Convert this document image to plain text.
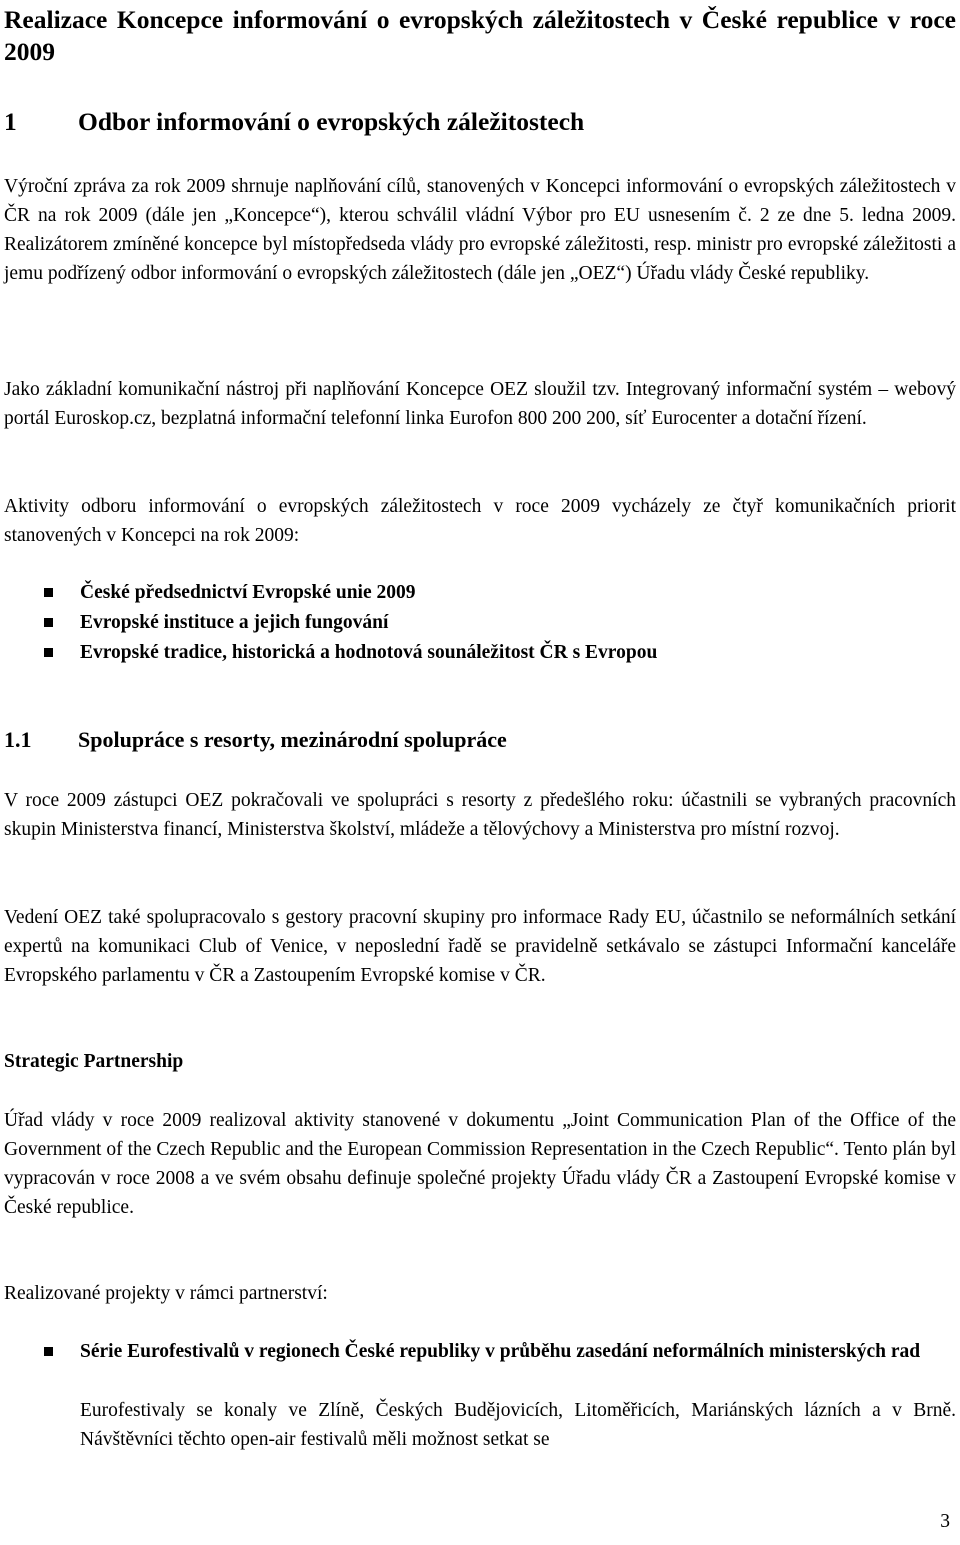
Realizace Koncepce informování o evropských záležitostech v České republice v roce 2009
1 Odbor informování o evropských záležitostech

Výroční zpráva za rok 2009 shrnuje naplňování cílů, stanovených v Koncepci informování o evropských záležitostech v ČR na rok 2009 (dále jen „Koncepce“), kterou schválil vládní Výbor pro EU usnesením č. 2 ze dne 5. ledna 2009. Realizátorem zmíněné koncepce byl místopředseda vlády pro evropské záležitosti, resp. ministr pro evropské záležitosti a jemu podřízený odbor informování o evropských záležitostech (dále jen „OEZ“) Úřadu vlády České republiky.

Jako základní komunikační nástroj při naplňování Koncepce OEZ sloužil tzv. Integrovaný informační systém – webový portál Euroskop.cz, bezplatná informační telefonní linka Eurofon 800 200 200, síť Eurocenter a dotační řízení.

Aktivity odboru informování o evropských záležitostech v roce 2009 vycházely ze čtyř komunikačních priorit stanovených v Koncepci na rok 2009:

České předsednictví Evropské unie 2009
Evropské instituce a jejich fungování
Evropské tradice, historická a hodnotová sounáležitost ČR s Evropou
1.1 Spolupráce s resorty, mezinárodní spolupráce

V roce 2009 zástupci OEZ pokračovali ve spolupráci s resorty z předešlého roku: účastnili se vybraných pracovních skupin Ministerstva financí, Ministerstva školství, mládeže a tělovýchovy a Ministerstva pro místní rozvoj.

Vedení OEZ také spolupracovalo s gestory pracovní skupiny pro informace Rady EU, účastnilo se neformálních setkání expertů na komunikaci Club of Venice, v neposlední řadě se pravidelně setkávalo se zástupci Informační kanceláře Evropského parlamentu v ČR a Zastoupením Evropské komise v ČR.

Strategic Partnership

Úřad vlády v roce 2009 realizoval aktivity stanovené v dokumentu „Joint Communication Plan of the Office of the Government of the Czech Republic and the European Commission Representation in the Czech Republic“. Tento plán byl vypracován v roce 2008 a ve svém obsahu definuje společné projekty Úřadu vlády ČR a Zastoupení Evropské komise v České republice.

Realizované projekty v rámci partnerství:

Série Eurofestivalů v regionech České republiky v průběhu zasedání neformálních ministerských rad

Eurofestivaly se konaly ve Zlíně, Českých Budějovicích, Litoměřicích, Mariánských lázních a v Brně. Návštěvníci těchto open-air festivalů měli možnost setkat se

3
